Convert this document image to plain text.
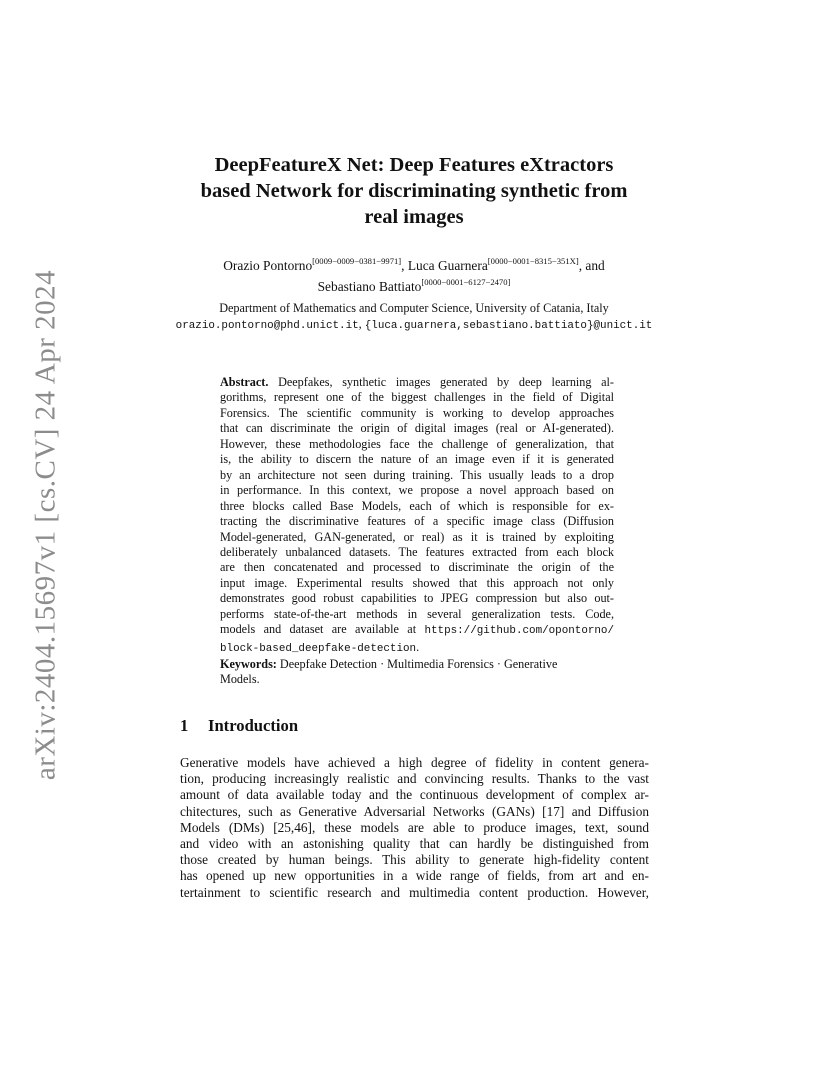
arXiv:2404.15697v1 [cs.CV] 24 Apr 2024
DeepFeatureX Net: Deep Features eXtractors
based Network for discriminating synthetic from
real images
Orazio Pontorno[0009−0009−0381−9971], Luca Guarnera[0000−0001−8315−351X], and
Sebastiano Battiato[0000−0001−6127−2470]
Department of Mathematics and Computer Science, University of Catania, Italy
orazio.pontorno@phd.unict.it, {luca.guarnera,sebastiano.battiato}@unict.it
Abstract. Deepfakes, synthetic images generated by deep learning al-
gorithms, represent one of the biggest challenges in the field of Digital
Forensics. The scientific community is working to develop approaches
that can discriminate the origin of digital images (real or AI-generated).
However, these methodologies face the challenge of generalization, that
is, the ability to discern the nature of an image even if it is generated
by an architecture not seen during training. This usually leads to a drop
in performance. In this context, we propose a novel approach based on
three blocks called Base Models, each of which is responsible for ex-
tracting the discriminative features of a specific image class (Diffusion
Model-generated, GAN-generated, or real) as it is trained by exploiting
deliberately unbalanced datasets. The features extracted from each block
are then concatenated and processed to discriminate the origin of the
input image. Experimental results showed that this approach not only
demonstrates good robust capabilities to JPEG compression but also out-
performs state-of-the-art methods in several generalization tests. Code,
models and dataset are available at https://github.com/opontorno/
block-based_deepfake-detection.
Keywords: Deepfake Detection · Multimedia Forensics · Generative
Models.
1 Introduction
Generative models have achieved a high degree of fidelity in content genera-
tion, producing increasingly realistic and convincing results. Thanks to the vast
amount of data available today and the continuous development of complex ar-
chitectures, such as Generative Adversarial Networks (GANs) [17] and Diffusion
Models (DMs) [25,46], these models are able to produce images, text, sound
and video with an astonishing quality that can hardly be distinguished from
those created by human beings. This ability to generate high-fidelity content
has opened up new opportunities in a wide range of fields, from art and en-
tertainment to scientific research and multimedia content production. However,
